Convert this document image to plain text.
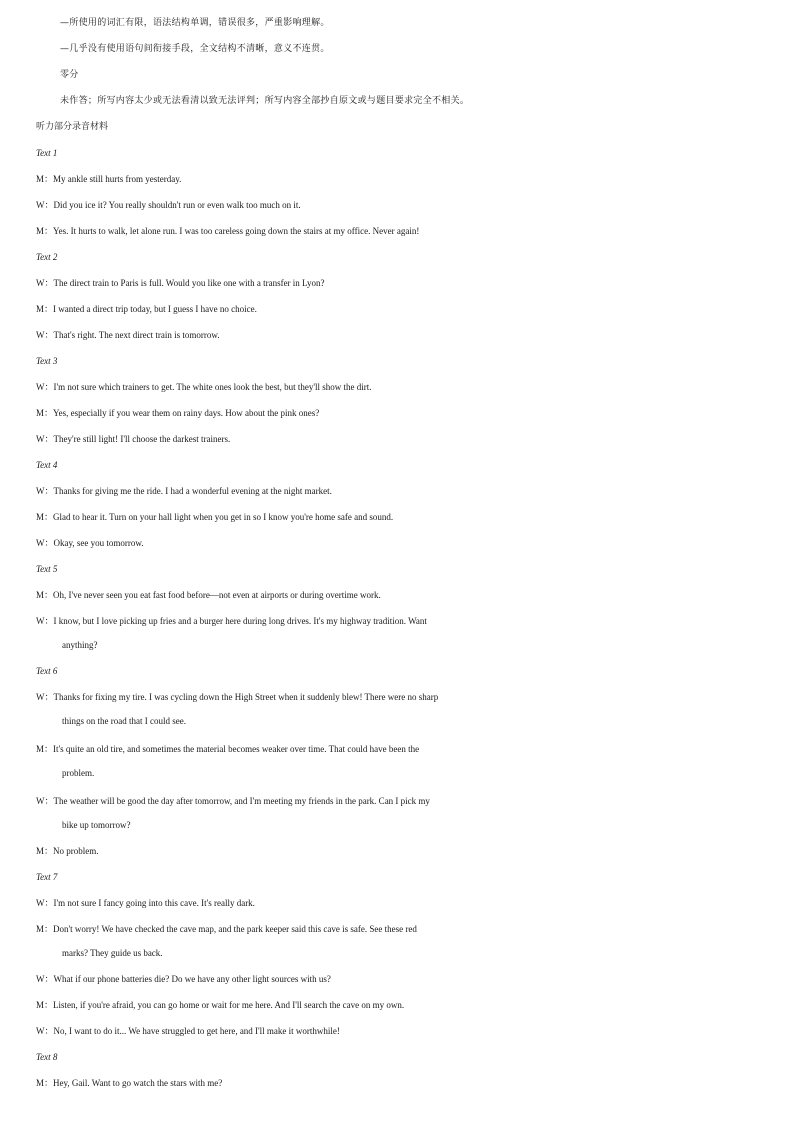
—所使用的词汇有限，语法结构单调，错误很多，严重影响理解。
—几乎没有使用语句间衔接手段，全文结构不清晰，意义不连贯。
零分
未作答；所写内容太少或无法看清以致无法评判；所写内容全部抄自原文或与题目要求完全不相关。
听力部分录音材料
Text 1
M：My ankle still hurts from yesterday.
W：Did you ice it? You really shouldn't run or even walk too much on it.
M：Yes. It hurts to walk, let alone run. I was too careless going down the stairs at my office. Never again!
Text 2
W：The direct train to Paris is full. Would you like one with a transfer in Lyon?
M：I wanted a direct trip today, but I guess I have no choice.
W：That's right. The next direct train is tomorrow.
Text 3
W：I'm not sure which trainers to get. The white ones look the best, but they'll show the dirt.
M：Yes, especially if you wear them on rainy days. How about the pink ones?
W：They're still light! I'll choose the darkest trainers.
Text 4
W：Thanks for giving me the ride. I had a wonderful evening at the night market.
M：Glad to hear it. Turn on your hall light when you get in so I know you're home safe and sound.
W：Okay, see you tomorrow.
Text 5
M：Oh, I've never seen you eat fast food before—not even at airports or during overtime work.
W：I know, but I love picking up fries and a burger here during long drives. It's my highway tradition. Want
anything?
Text 6
W：Thanks for fixing my tire. I was cycling down the High Street when it suddenly blew! There were no sharp
things on the road that I could see.
M：It's quite an old tire, and sometimes the material becomes weaker over time. That could have been the
problem.
W：The weather will be good the day after tomorrow, and I'm meeting my friends in the park. Can I pick my
bike up tomorrow?
M：No problem.
Text 7
W：I'm not sure I fancy going into this cave. It's really dark.
M：Don't worry! We have checked the cave map, and the park keeper said this cave is safe. See these red
marks? They guide us back.
W：What if our phone batteries die? Do we have any other light sources with us?
M：Listen, if you're afraid, you can go home or wait for me here. And I'll search the cave on my own.
W：No, I want to do it... We have struggled to get here, and I'll make it worthwhile!
Text 8
M：Hey, Gail. Want to go watch the stars with me?
